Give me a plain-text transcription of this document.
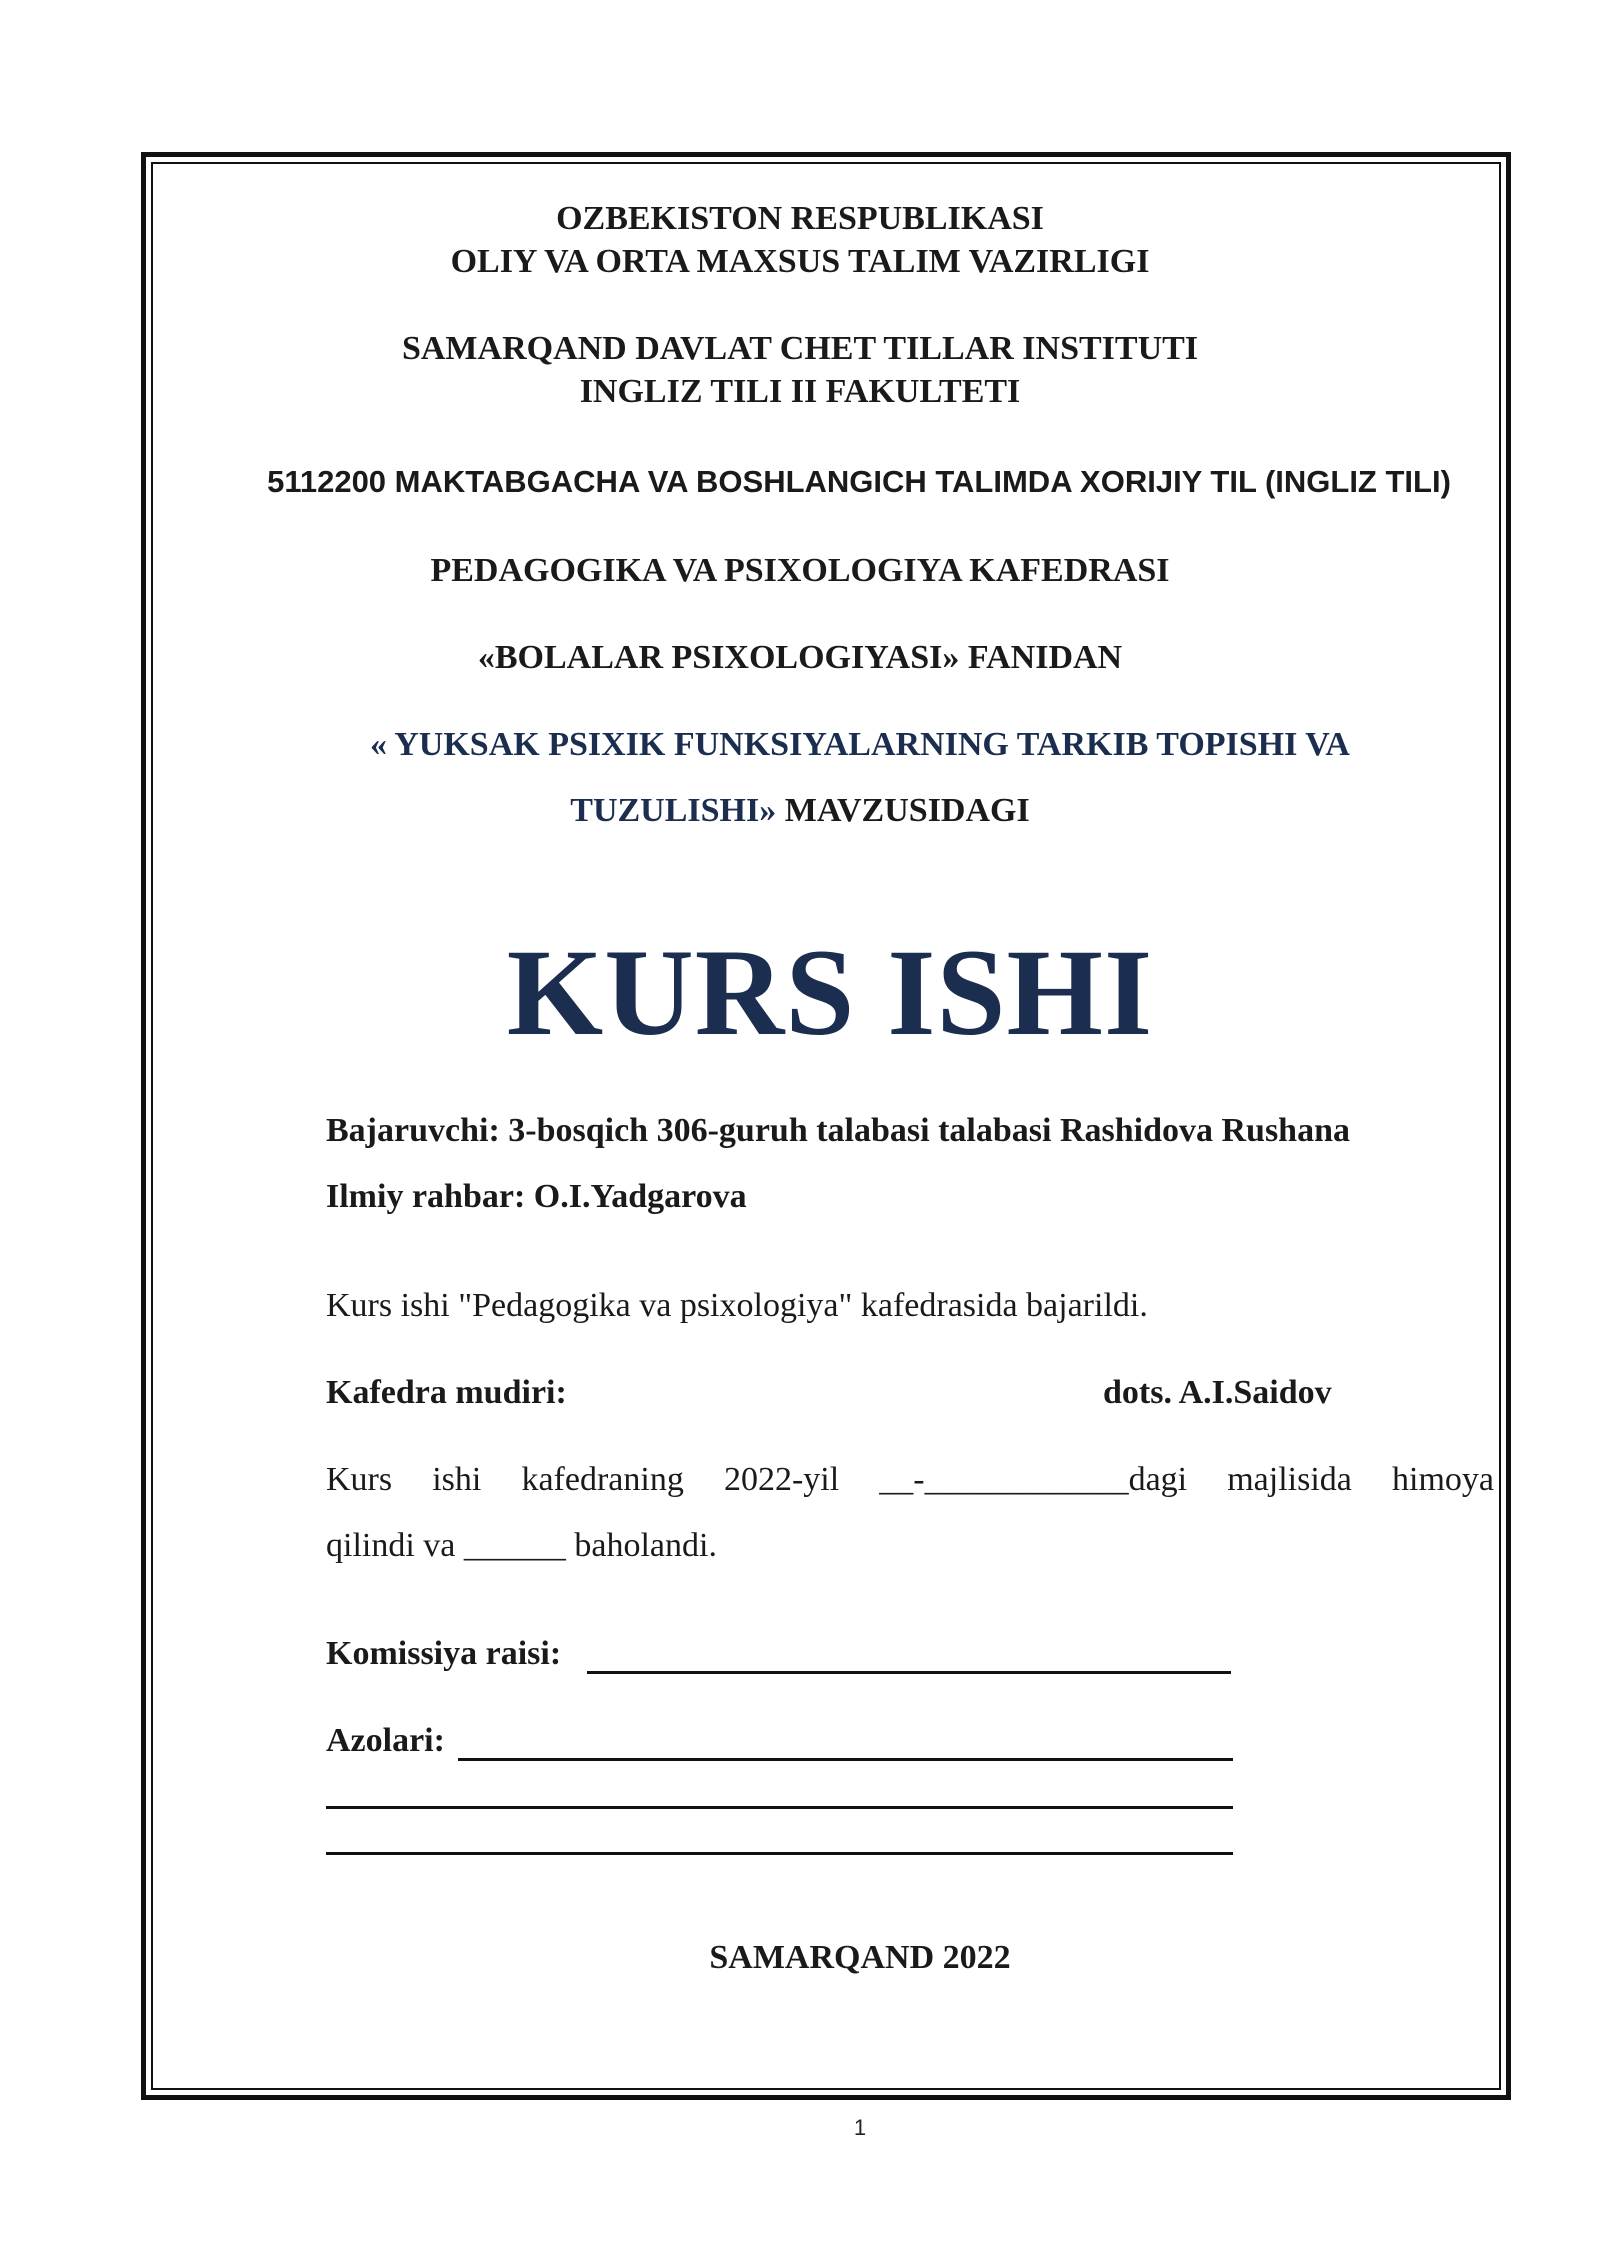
OZBEKISTON RESPUBLIKASI
OLIY VA ORTA MAXSUS TALIM VAZIRLIGI
SAMARQAND DAVLAT CHET TILLAR INSTITUTI
INGLIZ TILI II FAKULTETI
5112200 MAKTABGACHA VA BOSHLANGICH TALIMDA XORIJIY TIL (INGLIZ TILI)
PEDAGOGIKA VA PSIXOLOGIYA KAFEDRASI
«BOLALAR PSIXOLOGIYASI» FANIDAN
« YUKSAK PSIXIK FUNKSIYALARNING TARKIB TOPISHI VA
TUZULISHI» MAVZUSIDAGI
KURS ISHI
Bajaruvchi: 3-bosqich 306-guruh talabasi talabasi Rashidova Rushana
Ilmiy rahbar: O.I.Yadgarova
Kurs ishi "Pedagogika va psixologiya" kafedrasida bajarildi.
Kafedra mudiri:	dots. A.I.Saidov
Kurs ishi kafedraning 2022-yil __-____________dagi majlisida himoya
qilindi va ______ baholandi.
Komissiya raisi:
Azolari:
SAMARQAND 2022
1
